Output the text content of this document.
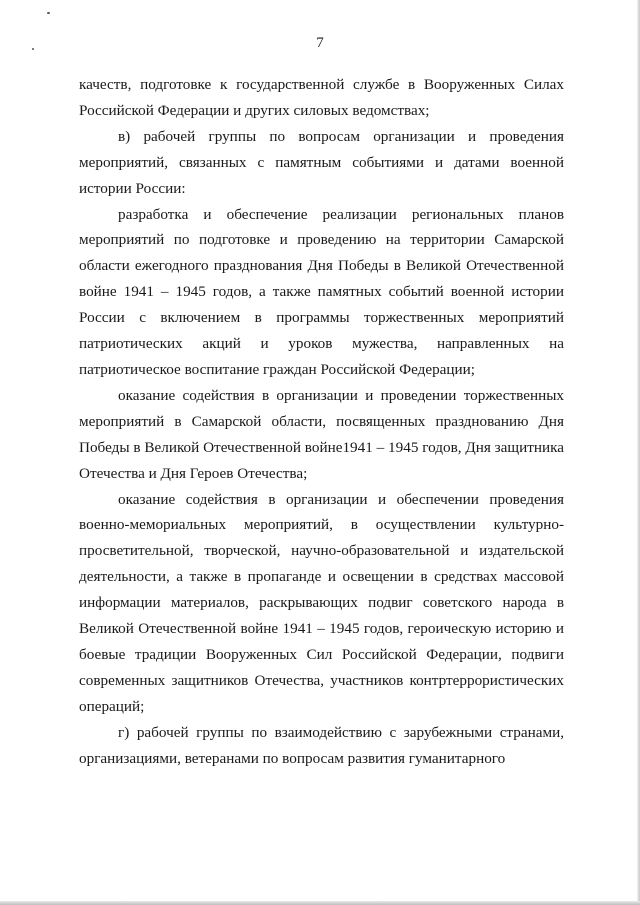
7

качеств, подготовке к государственной службе в Вооруженных Силах Российской Федерации и других силовых ведомствах;

в) рабочей группы по вопросам организации и проведения мероприятий, связанных с памятным событиями и датами военной истории России:

разработка и обеспечение реализации региональных планов мероприятий по подготовке и проведению на территории Самарской области ежегодного празднования Дня Победы в Великой Отечественной войне 1941 – 1945 годов, а также памятных событий военной истории России с включением в программы торжественных мероприятий патриотических акций и уроков мужества, направленных на патриотическое воспитание граждан Российской Федерации;

оказание содействия в организации и проведении торжественных мероприятий в Самарской области, посвященных празднованию Дня Победы в Великой Отечественной войне1941 – 1945 годов, Дня защитника Отечества и Дня Героев Отечества;

оказание содействия в организации и обеспечении проведения военно-мемориальных мероприятий, в осуществлении культурно-просветительной, творческой, научно-образовательной и издательской деятельности, а также в пропаганде и освещении в средствах массовой информации материалов, раскрывающих подвиг советского народа в Великой Отечественной войне 1941 – 1945 годов, героическую историю и боевые традиции Вооруженных Сил Российской Федерации, подвиги современных защитников Отечества, участников контртеррористических операций;

г) рабочей группы по взаимодействию с зарубежными странами, организациями, ветеранами по вопросам развития гуманитарного
